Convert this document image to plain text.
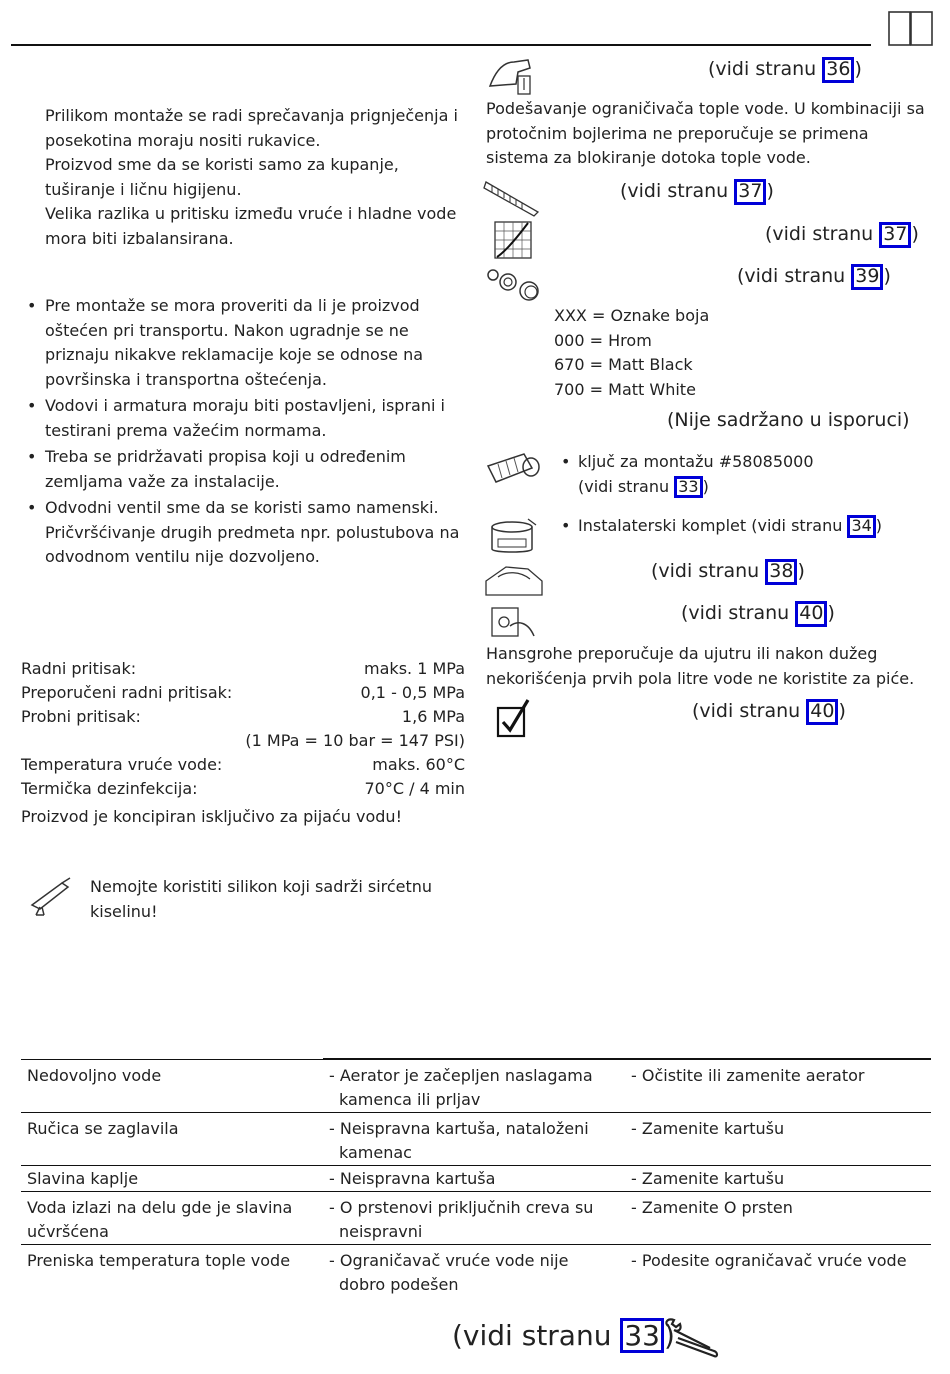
Prilikom montaže se radi sprečavanja prignječenja i posekotina moraju nositi rukavice.
Proizvod sme da se koristi samo za kupanje, tuširanje i ličnu higijenu.
Velika razlika u pritisku između vruće i hladne vode mora biti izbalansirana.
• Pre montaže se mora proveriti da li je proizvod oštećen pri transportu. Nakon ugradnje se ne priznaju nikakve reklamacije koje se odnose na površinska i transportna oštećenja.
• Vodovi i armatura moraju biti postavljeni, isprani i testirani prema važećim normama.
• Treba se pridržavati propisa koji u određenim zemljama važe za instalacije.
• Odvodni ventil sme da se koristi samo namenski. Pričvršćivanje drugih predmeta npr. polustubova na odvodnom ventilu nije dozvoljeno.
Radni pritisak:	maks. 1 MPa
Preporučeni radni pritisak:	0,1 - 0,5 MPa
Probni pritisak:	1,6 MPa
(1 MPa = 10 bar = 147 PSI)
Temperatura vruće vode:	maks. 60°C
Termička dezinfekcija:	70°C / 4 min
Proizvod je koncipiran isključivo za pijaću vodu!
Nemojte koristiti silikon koji sadrži sirćetnu kiselinu!
(vidi stranu 36 )
Podešavanje ograničivača tople vode. U kombinaciji sa protočnim bojlerima ne preporučuje se primena sistema za blokiranje dotoka tople vode.
(vidi stranu 37 )
(vidi stranu 37 )
(vidi stranu 39 )
XXX = Oznake boja
000 = Hrom
670 = Matt Black
700 = Matt White
(Nije sadržano u isporuci)
• ključ za montažu #58085000
(vidi stranu 33 )
• Instalaterski komplet (vidi stranu 34 )
(vidi stranu 38 )
(vidi stranu 40 )
Hansgrohe preporučuje da ujutru ili nakon dužeg nekorišćenja prvih pola litre vode ne koristite za piće.
(vidi stranu 40 )
Nedovoljno vode	- Aerator je začepljen naslagama kamenca ili prljav	- Očistite ili zamenite aerator
Ručica se zaglavila	- Neispravna kartuša, nataloženi kamenac	- Zamenite kartušu
Slavina kaplje	- Neispravna kartuša	- Zamenite kartušu
Voda izlazi na delu gde je slavina učvršćena	- O prstenovi priključnih creva su neispravni	- Zamenite O prsten
Preniska temperatura tople vode	- Ograničavač vruće vode nije dobro podešen	- Podesite ograničavač vruće vode
(vidi stranu 33 )
